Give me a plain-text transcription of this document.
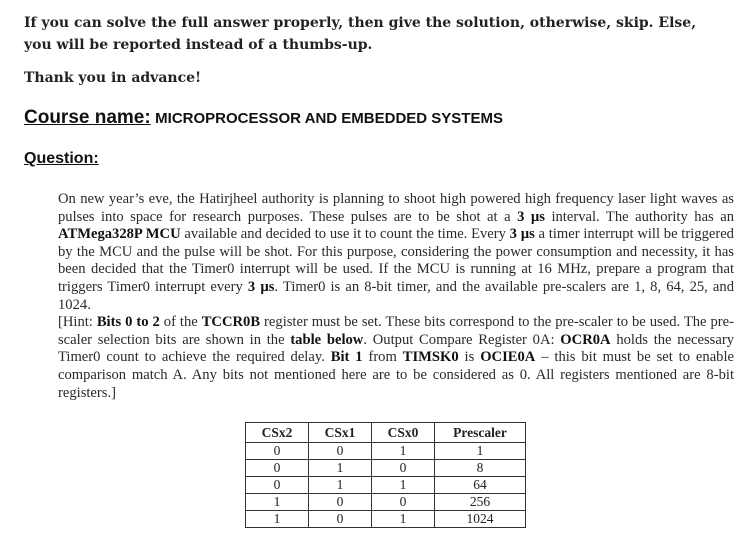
If you can solve the full answer properly, then give the solution, otherwise, skip. Else,

you will be reported instead of a thumbs-up.

Thank you in advance!
Course name: MICROPROCESSOR AND EMBEDDED SYSTEMS
Question:

On new year’s eve, the Hatirjheel authority is planning to shoot high powered high frequency laser light waves as pulses into space for research purposes. These pulses are to be shot at a 3 µs interval. The authority has an ATMega328P MCU available and decided to use it to count the time. Every 3 µs a timer interrupt will be triggered by the MCU and the pulse will be shot. For this purpose, considering the power consumption and necessity, it has been decided that the Timer0 interrupt will be used. If the MCU is running at 16 MHz, prepare a program that triggers Timer0 interrupt every 3 µs. Timer0 is an 8-bit timer, and the available pre-scalers are 1, 8, 64, 25, and 1024.

[Hint: Bits 0 to 2 of the TCCR0B register must be set. These bits correspond to the pre-scaler to be used. The pre-scaler selection bits are shown in the table below. Output Compare Register 0A: OCR0A holds the necessary Timer0 count to achieve the required delay. Bit 1 from TIMSK0 is OCIE0A – this bit must be set to enable comparison match A. Any bits not mentioned here are to be considered as 0. All registers mentioned are 8-bit registers.]

CSx2	CSx1	CSx0	Prescaler
0	0	1	1
0	1	0	8
0	1	1	64
1	0	0	256
1	0	1	1024
